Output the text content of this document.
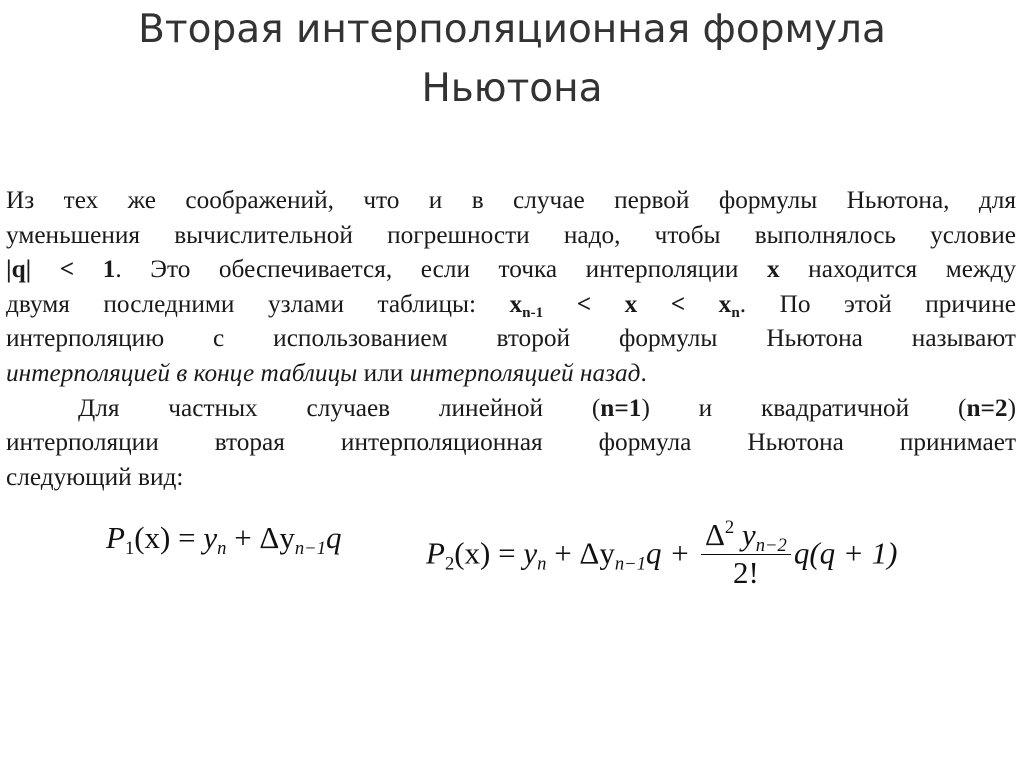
Вторая интерполяционная формула
Ньютона
Из тех же соображений, что и в случае первой формулы Ньютона, для
уменьшения вычислительной погрешности надо, чтобы выполнялось условие
|q| < 1. Это обеспечивается, если точка интерполяции x находится между
двумя последними узлами таблицы: $x_{n-1} < x < x_n$. По этой причине
интерполяцию с использованием второй формулы Ньютона называют
интерполяцией в конце таблицы или интерполяцией назад.
Для частных случаев линейной (n=1) и квадратичной (n=2)
интерполяции вторая интерполяционная формула Ньютона принимает
следующий вид:
$P_1(x) = y_n + \Delta y_{n-1}q$	$P_2(x) = y_n + \Delta y_{n-1}q + \frac{\Delta^2 y_{n-2}}{2!} q(q + 1)$
